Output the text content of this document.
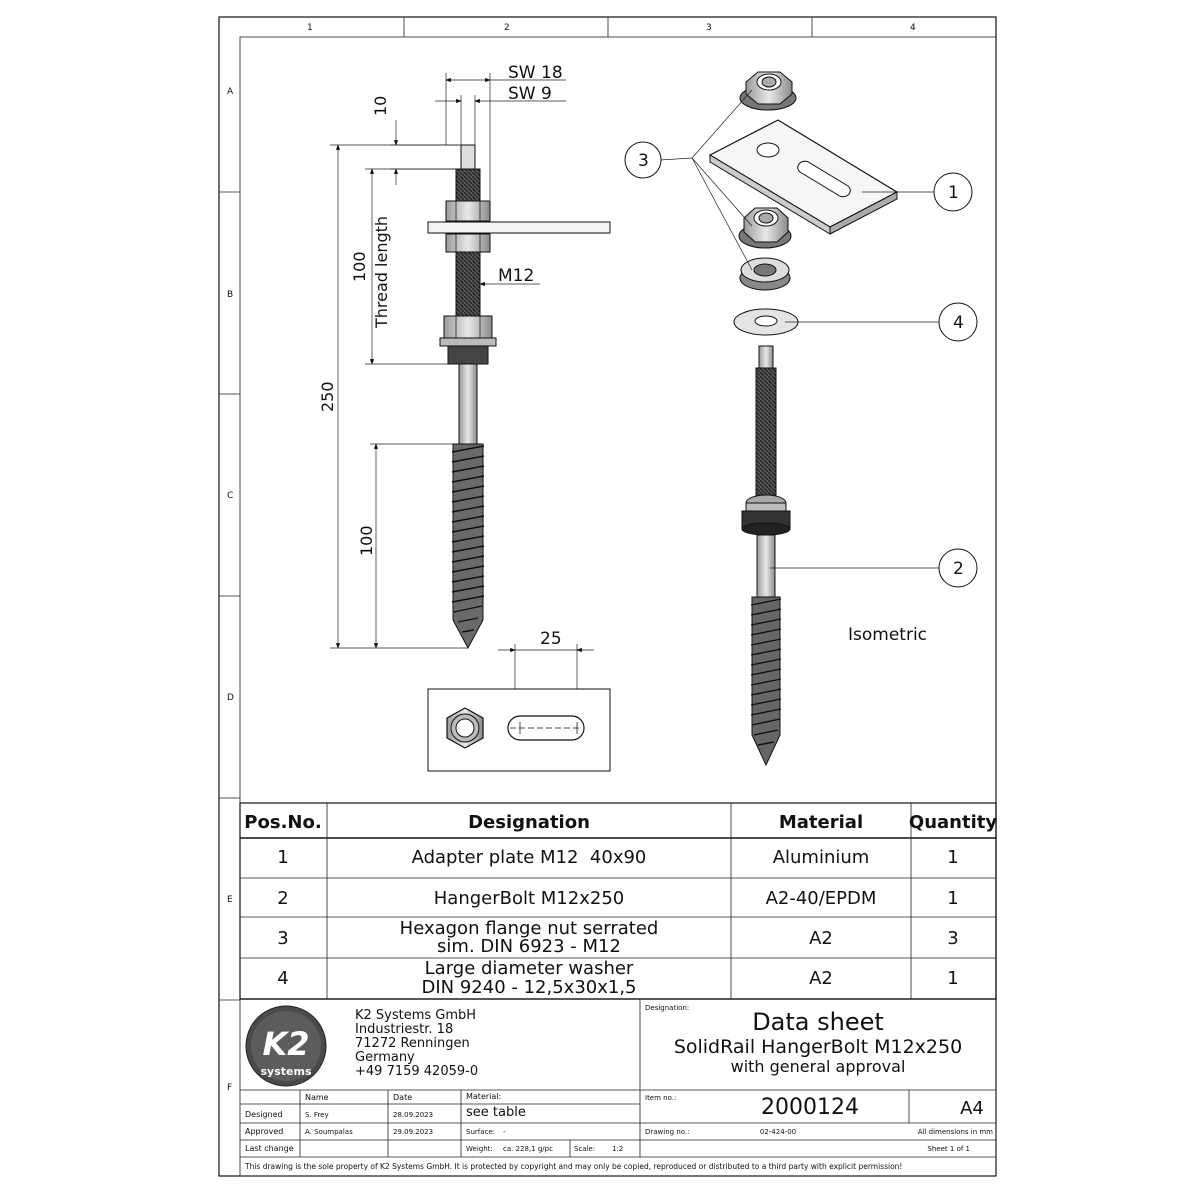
1	2	3	4
A
B
C
D
E
F
SW 18
SW 9
10
100 Thread length	M12
250
100
25
3
1
4
2
Isometric
Pos.No.	Designation	Material	Quantity
1	Adapter plate M12  40x90	Aluminium	1
2	HangerBolt M12x250	A2-40/EPDM	1
3	Hexagon flange nut serrated
sim. DIN 6923 - M12	A2	3
4	Large diameter washer
DIN 9240 - 12,5x30x1,5	A2	1
K2
systems
K2 Systems GmbH
Industriestr. 18
71272 Renningen
Germany
+49 7159 42059-0
Designation:	Data sheet
SolidRail HangerBolt M12x250
with general approval
Name	Date	Material:
see table
Item no.:	2000124	A4
Designed	S. Frey	28.09.2023
Approved	A. Soumpalas	29.09.2023	Surface: -	Drawing no.:	02-424-00	All dimensions in mm
Last change	Weight: ca. 228,1 g/pc	Scale: 1:2	Sheet 1 of 1
This drawing is the sole property of K2 Systems GmbH. It is protected by copyright and may only be copied, reproduced or distributed to a third party with explicit permission!
